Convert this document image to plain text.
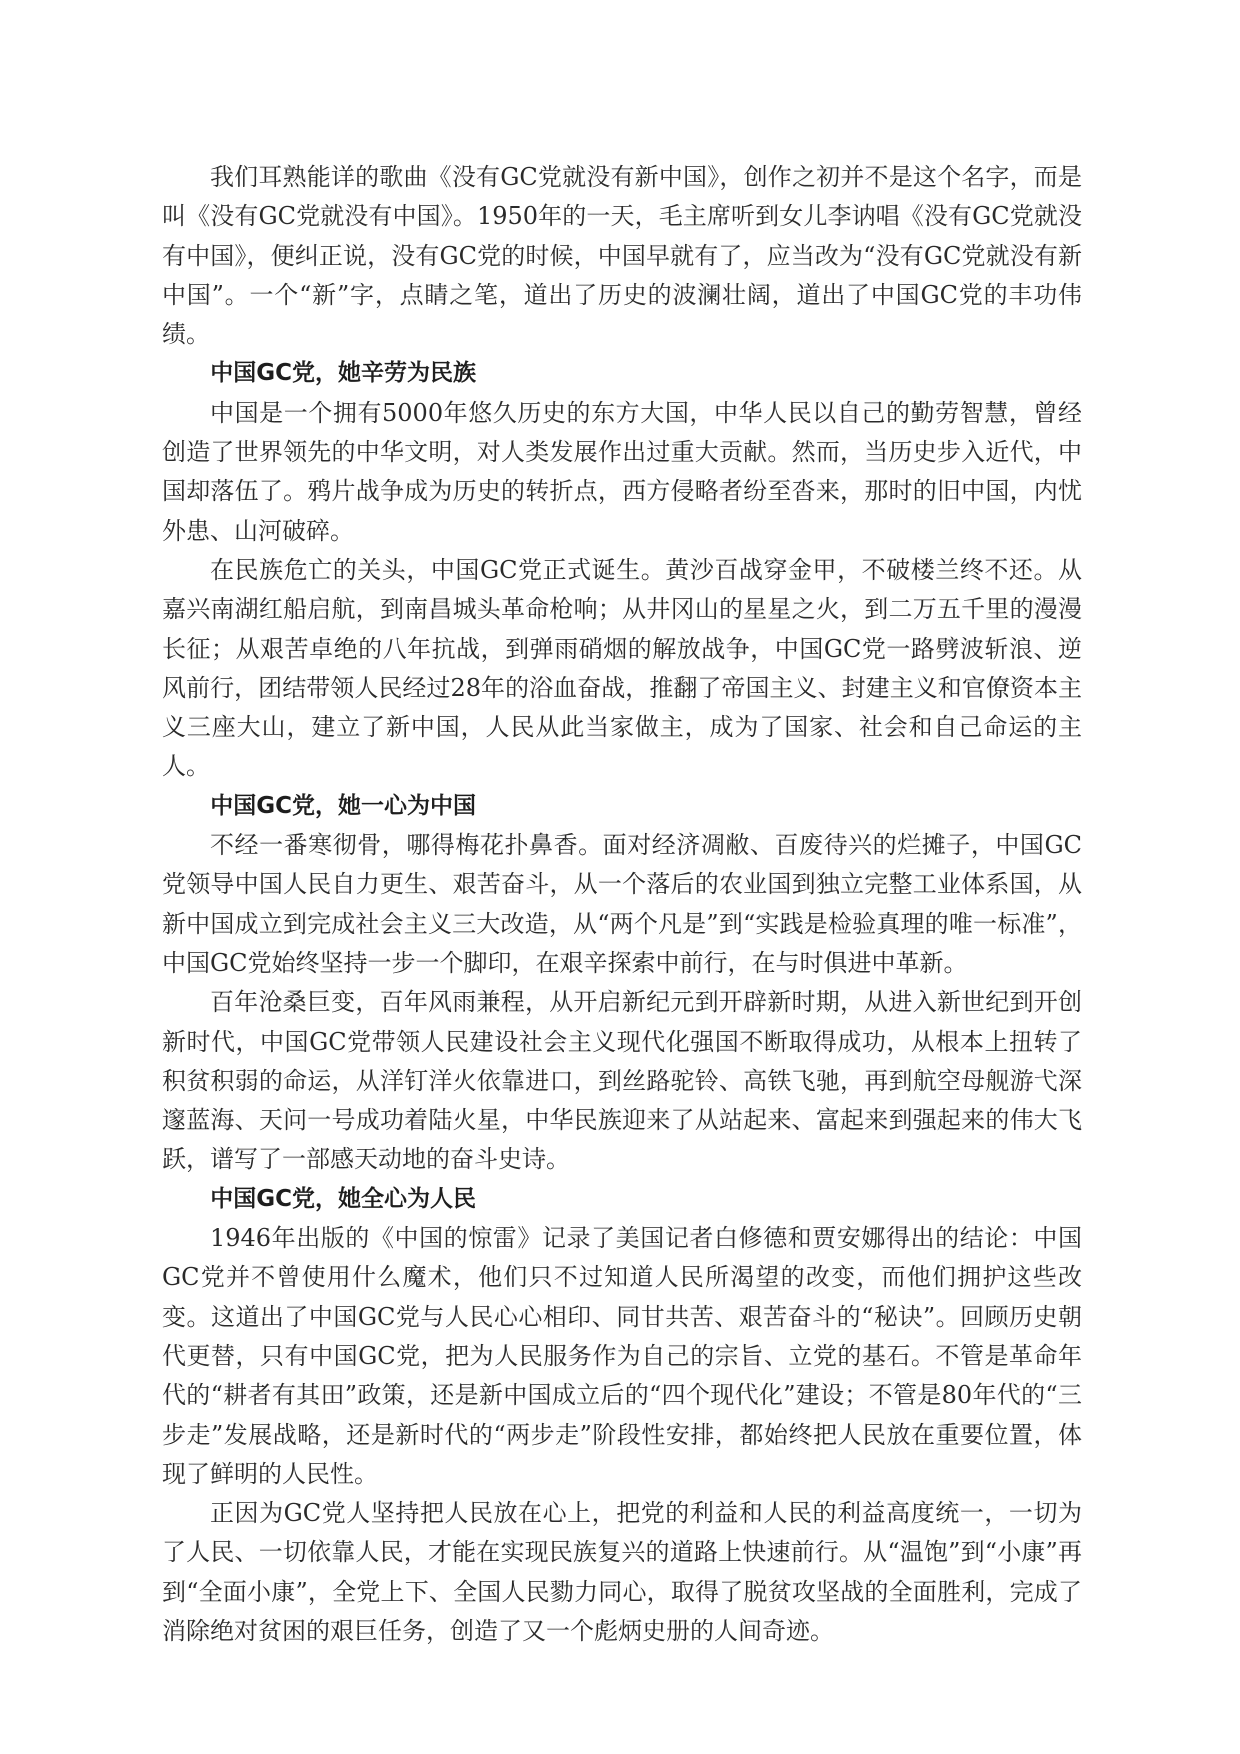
我们耳熟能详的歌曲《没有GC党就没有新中国》，创作之初并不是这个名字，而是叫《没有GC党就没有中国》。1950年的一天，毛主席听到女儿李讷唱《没有GC党就没有中国》，便纠正说，没有GC党的时候，中国早就有了，应当改为“没有GC党就没有新中国”。一个“新”字，点睛之笔，道出了历史的波澜壮阔，道出了中国GC党的丰功伟绩。

中国GC党，她辛劳为民族

中国是一个拥有5000年悠久历史的东方大国，中华人民以自己的勤劳智慧，曾经创造了世界领先的中华文明，对人类发展作出过重大贡献。然而，当历史步入近代，中国却落伍了。鸦片战争成为历史的转折点，西方侵略者纷至沓来，那时的旧中国，内忧外患、山河破碎。

在民族危亡的关头，中国GC党正式诞生。黄沙百战穿金甲，不破楼兰终不还。从嘉兴南湖红船启航，到南昌城头革命枪响；从井冈山的星星之火，到二万五千里的漫漫长征；从艰苦卓绝的八年抗战，到弹雨硝烟的解放战争，中国GC党一路劈波斩浪、逆风前行，团结带领人民经过28年的浴血奋战，推翻了帝国主义、封建主义和官僚资本主义三座大山，建立了新中国，人民从此当家做主，成为了国家、社会和自己命运的主人。

中国GC党，她一心为中国

不经一番寒彻骨，哪得梅花扑鼻香。面对经济凋敝、百废待兴的烂摊子，中国GC党领导中国人民自力更生、艰苦奋斗，从一个落后的农业国到独立完整工业体系国，从新中国成立到完成社会主义三大改造，从“两个凡是”到“实践是检验真理的唯一标准”，中国GC党始终坚持一步一个脚印，在艰辛探索中前行，在与时俱进中革新。

百年沧桑巨变，百年风雨兼程，从开启新纪元到开辟新时期，从进入新世纪到开创新时代，中国GC党带领人民建设社会主义现代化强国不断取得成功，从根本上扭转了积贫积弱的命运，从洋钉洋火依靠进口，到丝路驼铃、高铁飞驰，再到航空母舰游弋深邃蓝海、天问一号成功着陆火星，中华民族迎来了从站起来、富起来到强起来的伟大飞跃，谱写了一部感天动地的奋斗史诗。

中国GC党，她全心为人民

1946年出版的《中国的惊雷》记录了美国记者白修德和贾安娜得出的结论：中国GC党并不曾使用什么魔术，他们只不过知道人民所渴望的改变，而他们拥护这些改变。这道出了中国GC党与人民心心相印、同甘共苦、艰苦奋斗的“秘诀”。回顾历史朝代更替，只有中国GC党，把为人民服务作为自己的宗旨、立党的基石。不管是革命年代的“耕者有其田”政策，还是新中国成立后的“四个现代化”建设；不管是80年代的“三步走”发展战略，还是新时代的“两步走”阶段性安排，都始终把人民放在重要位置，体现了鲜明的人民性。

正因为GC党人坚持把人民放在心上，把党的利益和人民的利益高度统一，一切为了人民、一切依靠人民，才能在实现民族复兴的道路上快速前行。从“温饱”到“小康”再到“全面小康”，全党上下、全国人民勠力同心，取得了脱贫攻坚战的全面胜利，完成了消除绝对贫困的艰巨任务，创造了又一个彪炳史册的人间奇迹。
